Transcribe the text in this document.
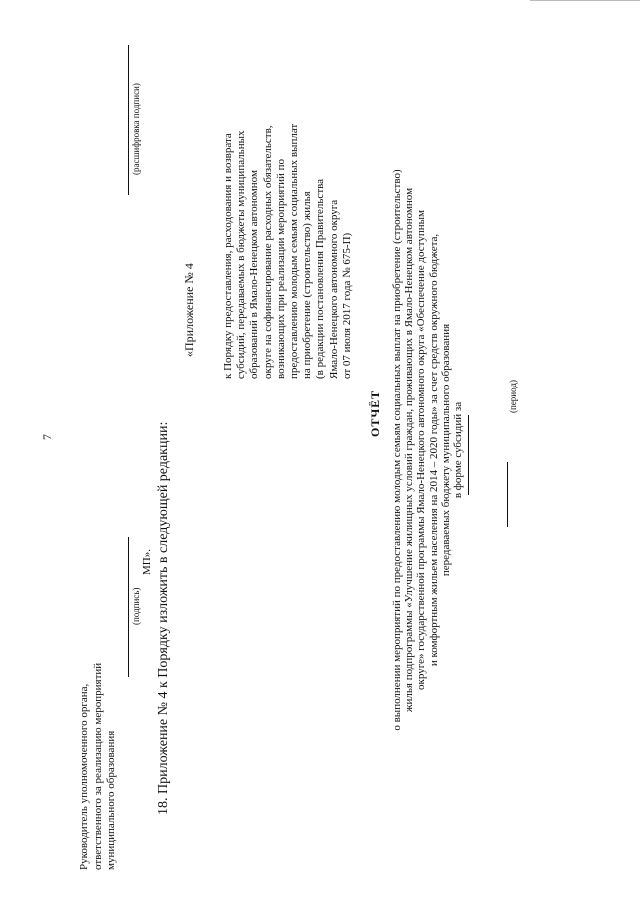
7
Руководитель уполномоченного органа, ответственного за реализацию мероприятий муниципального образования
(подпись)
(расшифровка подписи)
МП». 18. Приложение № 4 к Порядку изложить в следующей редакции:
«Приложение № 4 к Порядку предоставления, расходования и возврата субсидий, передаваемых в бюджеты муниципальных образований в Ямало-Ненецком автономном округе на софинансирование расходных обязательств, возникающих при реализации мероприятий по предоставлению молодым семьям социальных выплат на приобретение (строительство) жилья (в редакции постановления Правительства Ямало-Ненецкого автономного округа от 07 июля 2017 года № 675-П)
ОТЧЁТ о выполнении мероприятий по предоставлению молодым семьям социальных выплат на приобретение (строительство) жилья подпрограммы «Улучшение жилищных условий граждан, проживающих в Ямало-Ненецком автономном округе» государственной программы Ямало-Ненецкого автономного округа «Обеспечение доступным и комфортным жильем населения на 2014 – 2020 годы» за счет средств окружного бюджета, передаваемых бюджету муниципального образования в форме субсидий за
(период)
